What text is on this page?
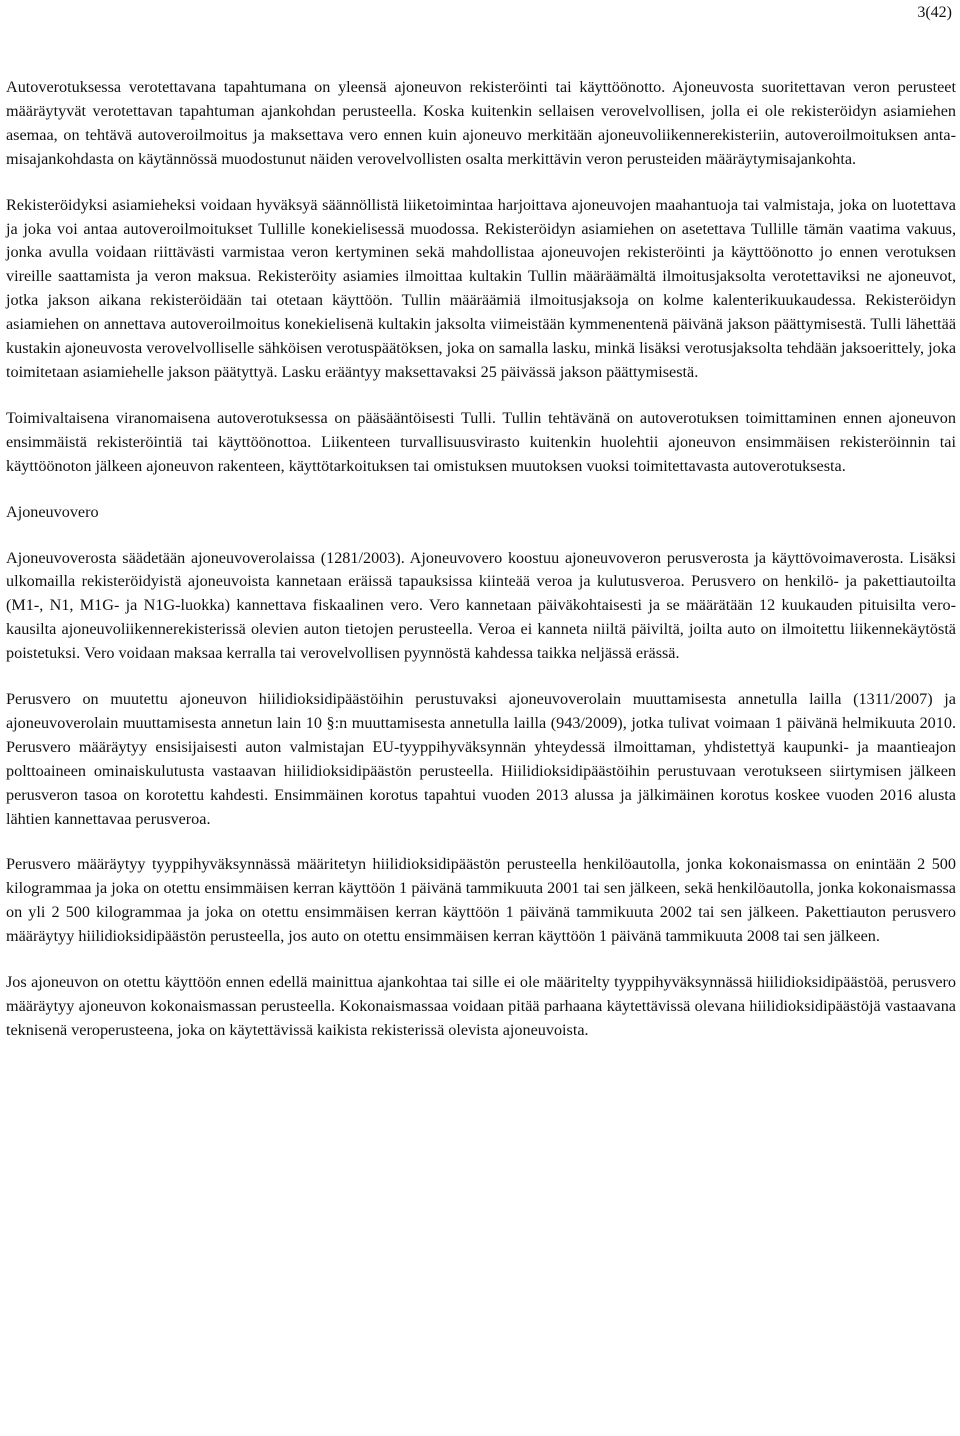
3(42)

Autoverotuksessa verotettavana tapahtumana on yleensä ajoneuvon rekisteröinti tai käyttöönotto. Ajoneuvosta suoritettavan veron perusteet määräytyvät verotettavan tapahtuman ajankohdan perusteella. Koska kuitenkin sellaisen verovelvollisen, jolla ei ole rekisteröidyn asiamiehen asemaa, on tehtävä autoveroilmoitus ja maksettava vero ennen kuin ajoneuvo merkitään ajoneuvoliikennerekisteriin, autoveroilmoituksen antamisajankohdasta on käytännössä muodostunut näiden verovelvollisten osalta merkittävin veron perusteiden määräytymisajankohta.

Rekisteröidyksi asiamieheksi voidaan hyväksyä säännöllistä liiketoimintaa harjoittava ajoneuvojen maahantuoja tai valmistaja, joka on luotettava ja joka voi antaa autoveroilmoitukset Tullille konekielisessä muodossa. Rekisteröidyn asiamiehen on asetettava Tullille tämän vaatima vakuus, jonka avulla voidaan riittävästi varmistaa veron kertyminen sekä mahdollistaa ajoneuvojen rekisteröinti ja käyttöönotto jo ennen verotuksen vireille saattamista ja veron maksua. Rekisteröity asiamies ilmoittaa kultakin Tullin määräämältä ilmoitusjaksolta verotettaviksi ne ajoneuvot, jotka jakson aikana rekisteröidään tai otetaan käyttöön. Tullin määräämiä ilmoitusjaksoja on kolme kalenterikuukaudessa. Rekisteröidyn asiamiehen on annettava autoveroilmoitus konekielisenä kultakin jaksolta viimeistään kymmenentenä päivänä jakson päättymisestä. Tulli lähettää kustakin ajoneuvosta verovelvolliselle sähköisen verotuspäätöksen, joka on samalla lasku, minkä lisäksi verotusjaksolta tehdään jaksoerittely, joka toimitetaan asiamiehelle jakson päätyttyä. Lasku erääntyy maksettavaksi 25 päivässä jakson päättymisestä.

Toimivaltaisena viranomaisena autoverotuksessa on pääsääntöisesti Tulli. Tullin tehtävänä on autoverotuksen toimittaminen ennen ajoneuvon ensimmäistä rekisteröintiä tai käyttöönottoa. Liikenteen turvallisuusvirasto kuitenkin huolehtii ajoneuvon ensimmäisen rekisteröinnin tai käyttöönoton jälkeen ajoneuvon rakenteen, käyttötarkoituksen tai omistuksen muutoksen vuoksi toimitettavasta autoverotuksesta.

Ajoneuvovero

Ajoneuvoverosta säädetään ajoneuvoverolaissa (1281/2003). Ajoneuvovero koostuu ajoneuvoveron perusverosta ja käyttövoimaverosta. Lisäksi ulkomailla rekisteröidyistä ajoneuvoista kannetaan eräissä tapauksissa kiinteää veroa ja kulutusveroa. Perusvero on henkilö- ja pakettiautoilta (M1-, N1, M1G- ja N1G-luokka) kannettava fiskaalinen vero. Vero kannetaan päiväkohtaisesti ja se määrätään 12 kuukauden pituisilta verokausilta ajoneuvoliikennerekisterissä olevien auton tietojen perusteella. Veroa ei kanneta niiltä päiviltä, joilta auto on ilmoitettu liikennekäytöstä poistetuksi. Vero voidaan maksaa kerralla tai verovelvollisen pyynnöstä kahdessa taikka neljässä erässä.

Perusvero on muutettu ajoneuvon hiilidioksidipäästöihin perustuvaksi ajoneuvoverolain muuttamisesta annetulla lailla (1311/2007) ja ajoneuvoverolain muuttamisesta annetun lain 10 §:n muuttamisesta annetulla lailla (943/2009), jotka tulivat voimaan 1 päivänä helmikuuta 2010. Perusvero määräytyy ensisijaisesti auton valmistajan EU-tyyppihyväksynnän yhteydessä ilmoittaman, yhdistettyä kaupunki- ja maantieajon polttoaineen ominaiskulutusta vastaavan hiilidioksidipäästön perusteella. Hiilidioksidipäästöihin perustuvaan verotukseen siirtymisen jälkeen perusveron tasoa on korotettu kahdesti. Ensimmäinen korotus tapahtui vuoden 2013 alussa ja jälkimäinen korotus koskee vuoden 2016 alusta lähtien kannettavaa perusveroa.

Perusvero määräytyy tyyppihyväksynnässä määritetyn hiilidioksidipäästön perusteella henkilöautolla, jonka kokonaismassa on enintään 2 500 kilogrammaa ja joka on otettu ensimmäisen kerran käyttöön 1 päivänä tammikuuta 2001 tai sen jälkeen, sekä henkilöautolla, jonka kokonaismassa on yli 2 500 kilogrammaa ja joka on otettu ensimmäisen kerran käyttöön 1 päivänä tammikuuta 2002 tai sen jälkeen. Pakettiauton perusvero määräytyy hiilidioksidipäästön perusteella, jos auto on otettu ensimmäisen kerran käyttöön 1 päivänä tammikuuta 2008 tai sen jälkeen.

Jos ajoneuvon on otettu käyttöön ennen edellä mainittua ajankohtaa tai sille ei ole määritelty tyyppihyväksynnässä hiilidioksidipäästöä, perusvero määräytyy ajoneuvon kokonaismassan perusteella. Kokonaismassaa voidaan pitää parhaana käytettävissä olevana hiilidioksidipäästöjä vastaavana teknisenä veroperusteena, joka on käytettävissä kaikista rekisterissä olevista ajoneuvoista.
